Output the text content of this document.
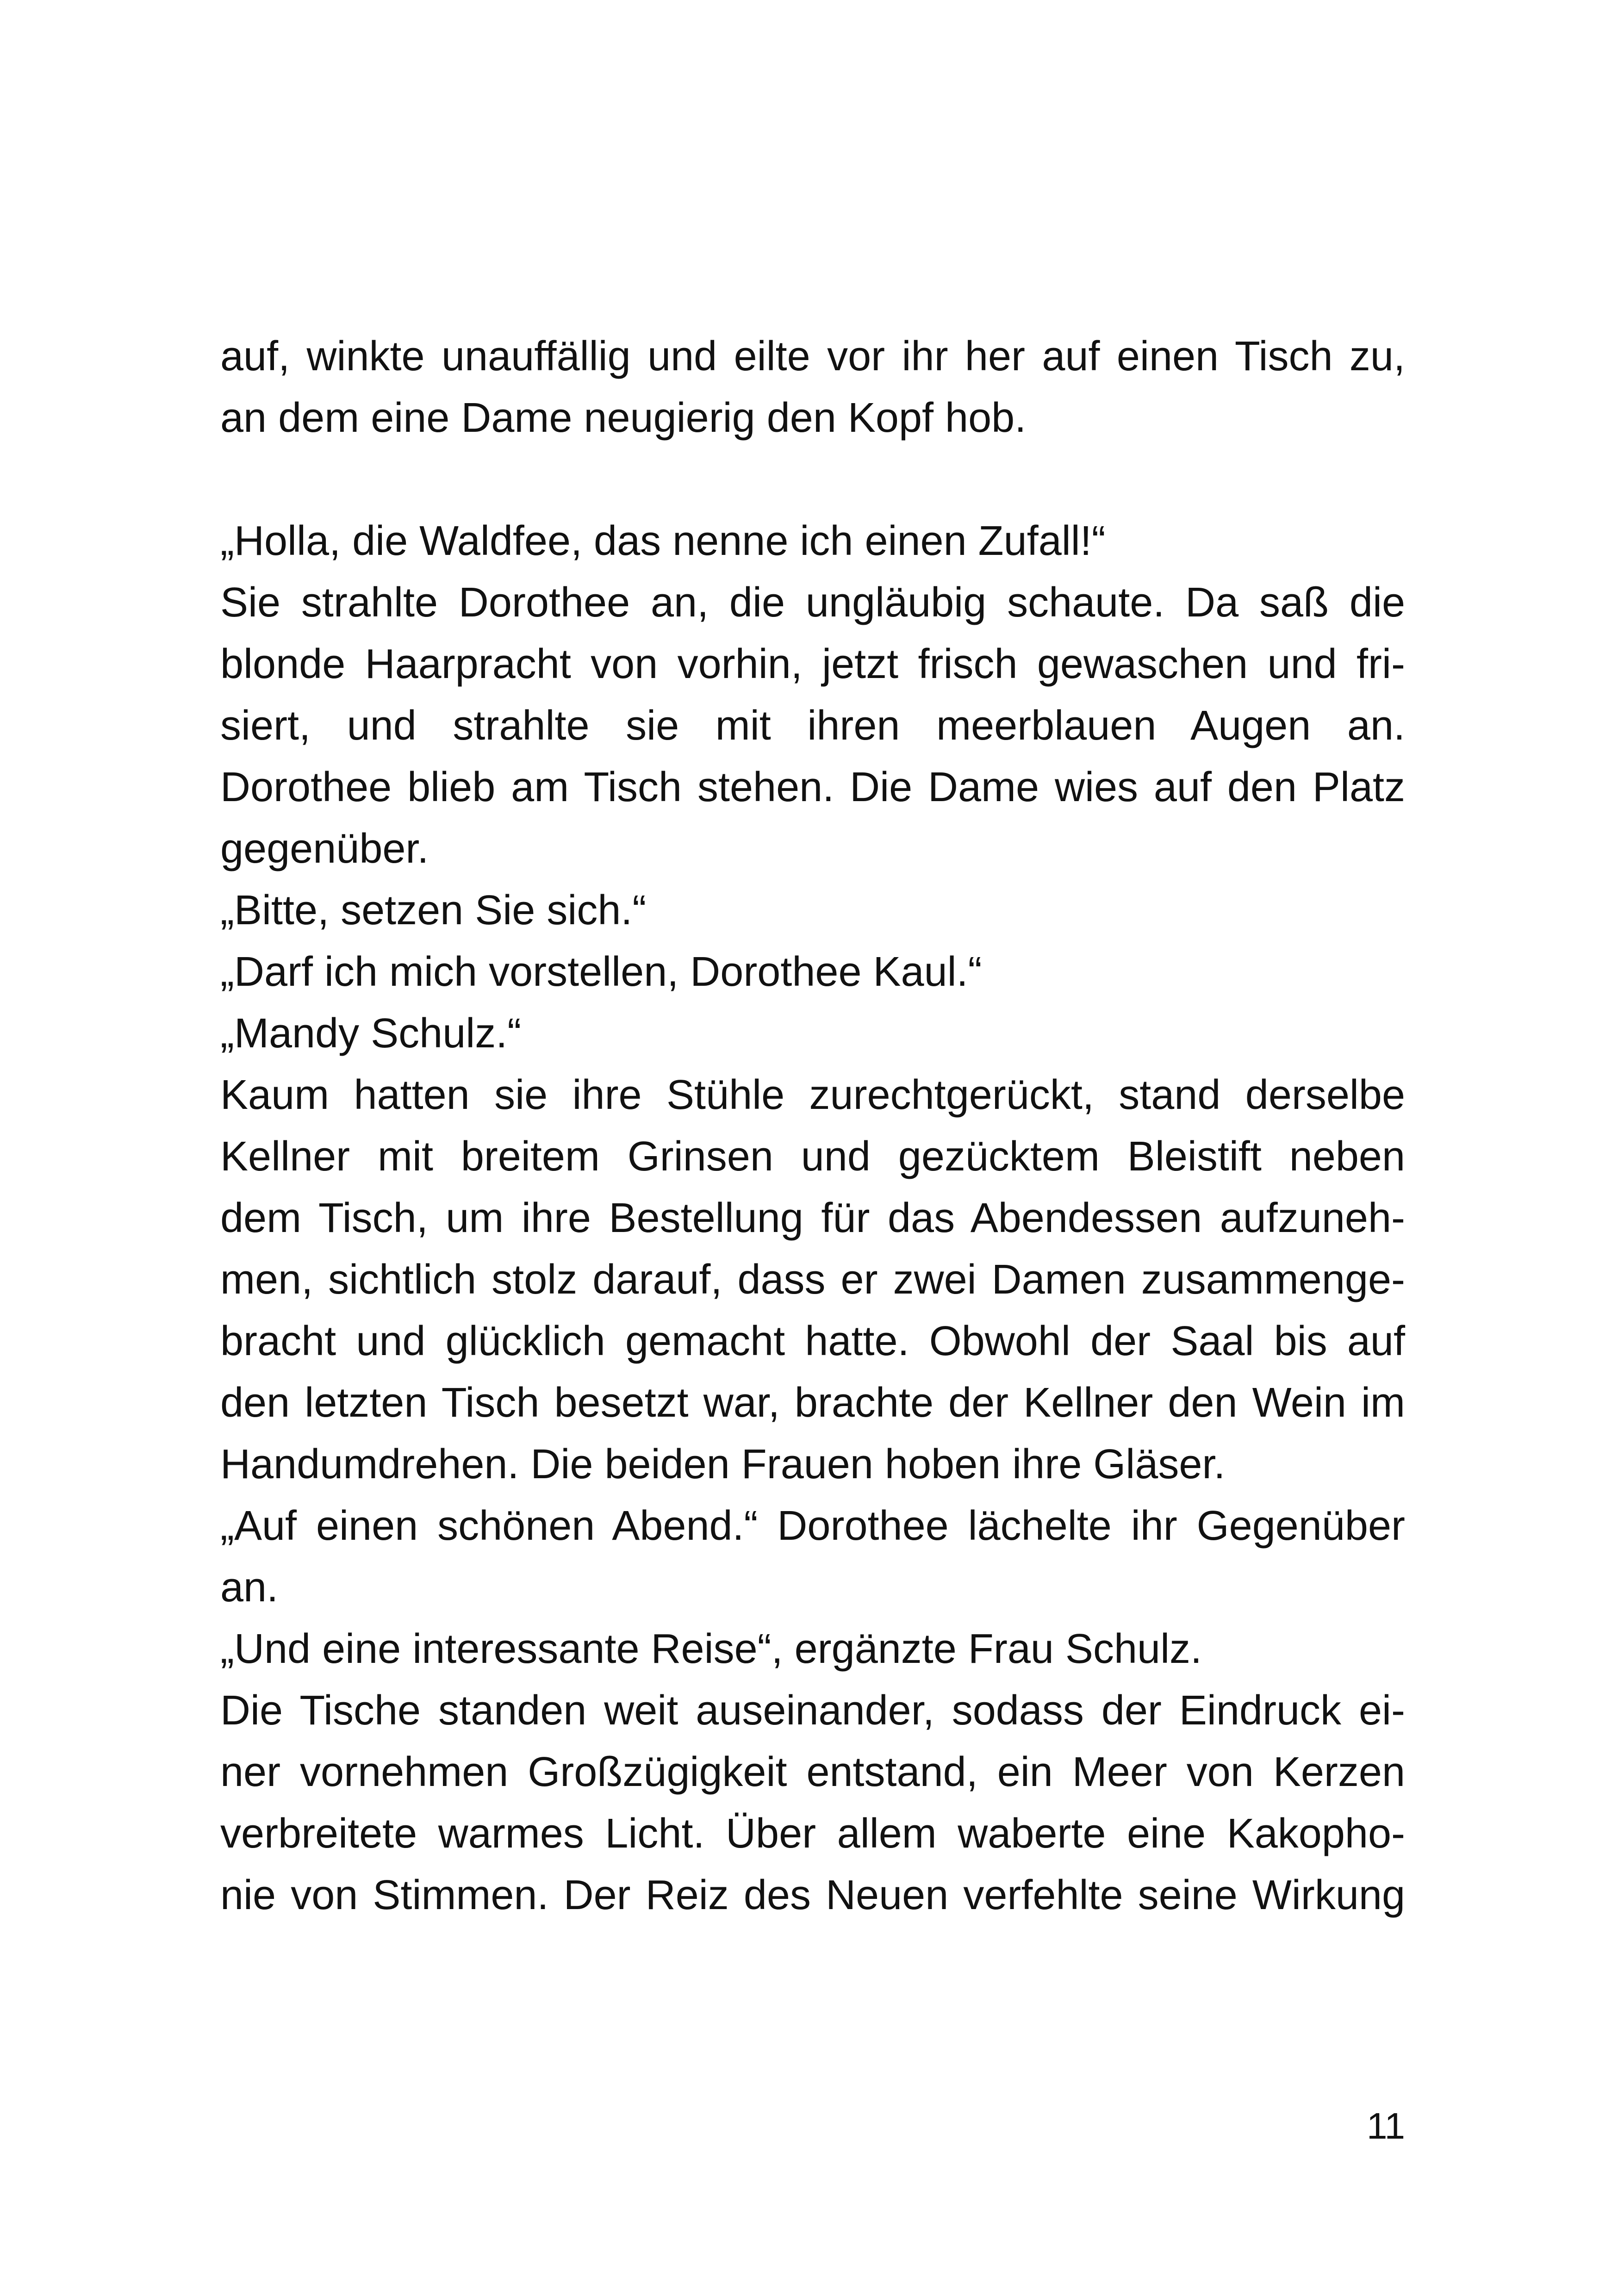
auf, winkte unauffällig und eilte vor ihr her auf einen Tisch zu,
an dem eine Dame neugierig den Kopf hob.
„Holla, die Waldfee, das nenne ich einen Zufall!“
Sie strahlte Dorothee an, die ungläubig schaute. Da saß die
blonde Haarpracht von vorhin, jetzt frisch gewaschen und fri-
siert, und strahlte sie mit ihren meerblauen Augen an.
Dorothee blieb am Tisch stehen. Die Dame wies auf den Platz
gegenüber.
„Bitte, setzen Sie sich.“
„Darf ich mich vorstellen, Dorothee Kaul.“
„Mandy Schulz.“
Kaum hatten sie ihre Stühle zurechtgerückt, stand derselbe
Kellner mit breitem Grinsen und gezücktem Bleistift neben
dem Tisch, um ihre Bestellung für das Abendessen aufzuneh-
men, sichtlich stolz darauf, dass er zwei Damen zusammenge-
bracht und glücklich gemacht hatte. Obwohl der Saal bis auf
den letzten Tisch besetzt war, brachte der Kellner den Wein im
Handumdrehen. Die beiden Frauen hoben ihre Gläser.
„Auf einen schönen Abend.“ Dorothee lächelte ihr Gegenüber
an.
„Und eine interessante Reise“, ergänzte Frau Schulz.
Die Tische standen weit auseinander, sodass der Eindruck ei-
ner vornehmen Großzügigkeit entstand, ein Meer von Kerzen
verbreitete warmes Licht. Über allem waberte eine Kakopho-
nie von Stimmen. Der Reiz des Neuen verfehlte seine Wirkung
11
